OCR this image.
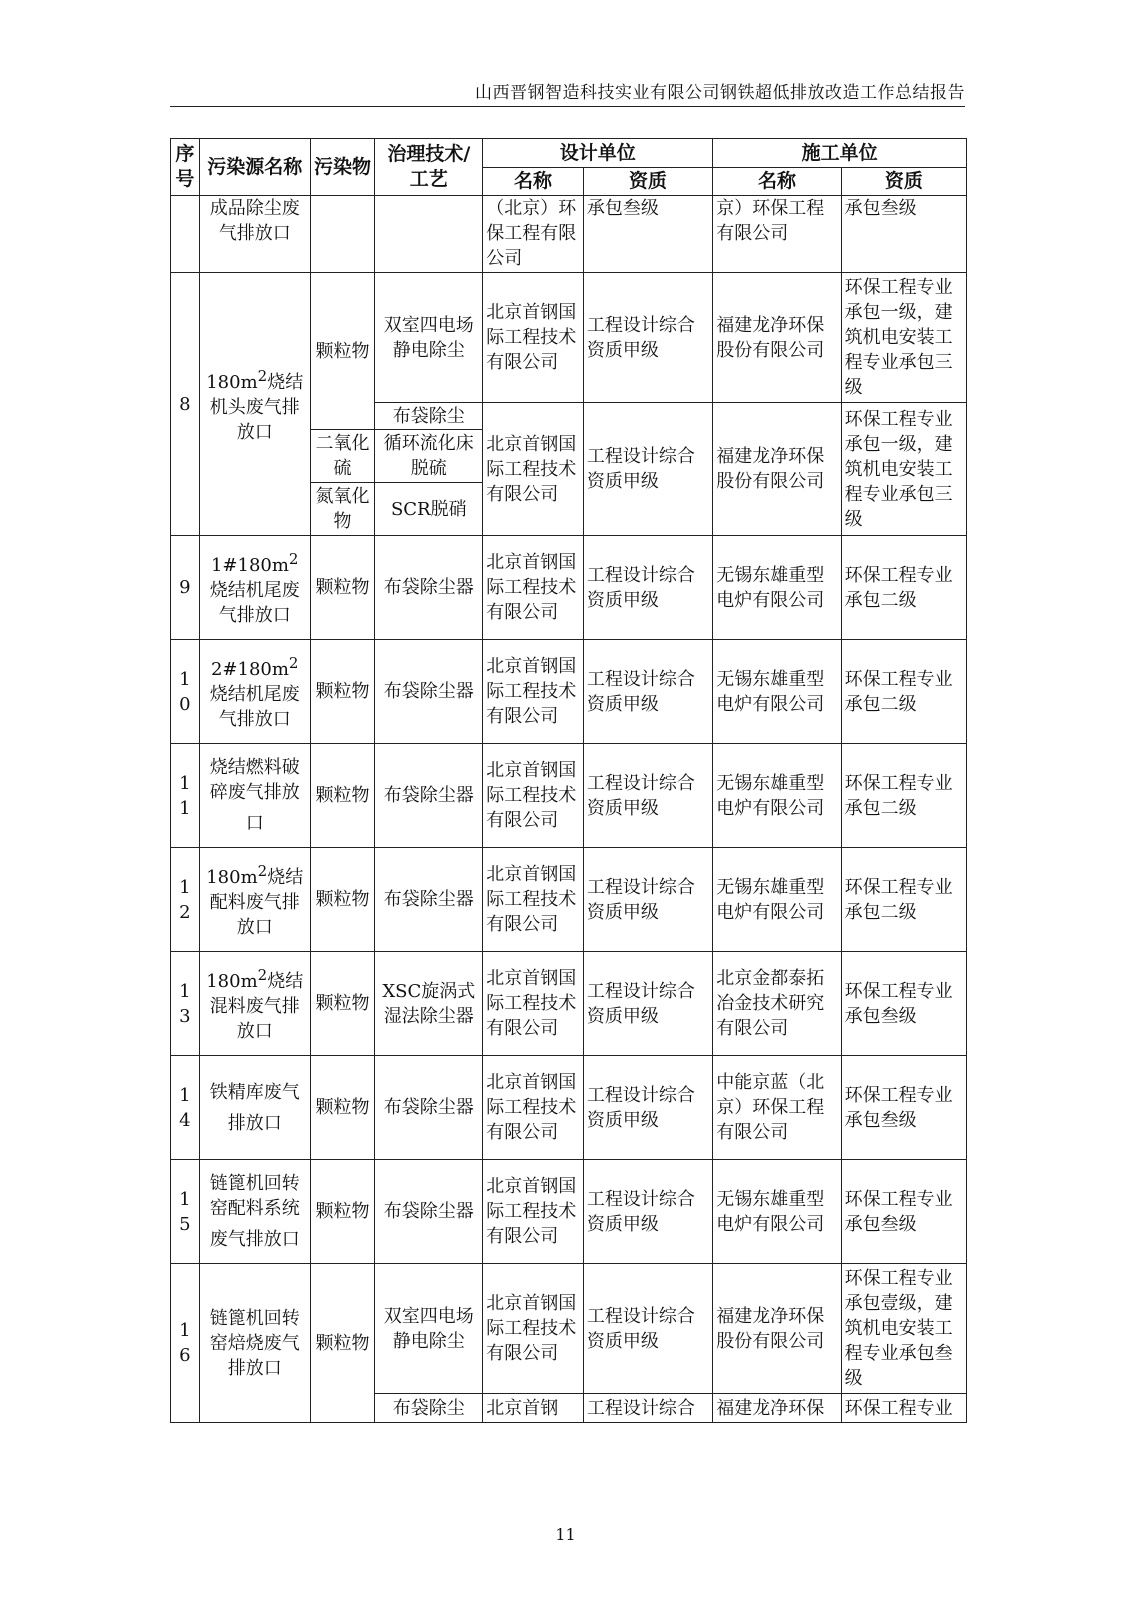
山西晋钢智造科技实业有限公司钢铁超低排放改造工作总结报告
序号	污染源名称	污染物	治理技术/工艺	设计单位		施工单位	
				名称	资质	名称	资质
	成品除尘废气排放口			（北京）环保工程有限公司	承包叁级	京）环保工程有限公司	承包叁级
8	$180m^2$烧结机头废气排放口	颗粒物	双室四电场静电除尘	北京首钢国际工程技术有限公司	工程设计综合资质甲级	福建龙净环保股份有限公司	环保工程专业承包一级，建筑机电安装工程专业承包三级
			布袋除尘	北京首钢国际工程技术有限公司	工程设计综合资质甲级	福建龙净环保股份有限公司	环保工程专业承包一级，建筑机电安装工程专业承包三级
		二氧化硫	循环流化床脱硫				
		氮氧化物	SCR脱硝				
9	$1\#180m^2$烧结机尾废气排放口	颗粒物	布袋除尘器	北京首钢国际工程技术有限公司	工程设计综合资质甲级	无锡东雄重型电炉有限公司	环保工程专业承包二级
10	$2\#180m^2$烧结机尾废气排放口	颗粒物	布袋除尘器	北京首钢国际工程技术有限公司	工程设计综合资质甲级	无锡东雄重型电炉有限公司	环保工程专业承包二级
11	烧结燃料破碎废气排放口	颗粒物	布袋除尘器	北京首钢国际工程技术有限公司	工程设计综合资质甲级	无锡东雄重型电炉有限公司	环保工程专业承包二级
12	$180m^2$烧结配料废气排放口	颗粒物	布袋除尘器	北京首钢国际工程技术有限公司	工程设计综合资质甲级	无锡东雄重型电炉有限公司	环保工程专业承包二级
13	$180m^2$烧结混料废气排放口	颗粒物	XSC旋涡式湿法除尘器	北京首钢国际工程技术有限公司	工程设计综合资质甲级	北京金都泰拓冶金技术研究有限公司	环保工程专业承包叁级
14	铁精库废气排放口	颗粒物	布袋除尘器	北京首钢国际工程技术有限公司	工程设计综合资质甲级	中能京蓝（北京）环保工程有限公司	环保工程专业承包叁级
15	链篦机回转窑配料系统废气排放口	颗粒物	布袋除尘器	北京首钢国际工程技术有限公司	工程设计综合资质甲级	无锡东雄重型电炉有限公司	环保工程专业承包叁级
16	链篦机回转窑焙烧废气排放口	颗粒物	双室四电场静电除尘	北京首钢国际工程技术有限公司	工程设计综合资质甲级	福建龙净环保股份有限公司	环保工程专业承包壹级，建筑机电安装工程专业承包叁级
			布袋除尘	北京首钢	工程设计综合	福建龙净环保	环保工程专业
11
